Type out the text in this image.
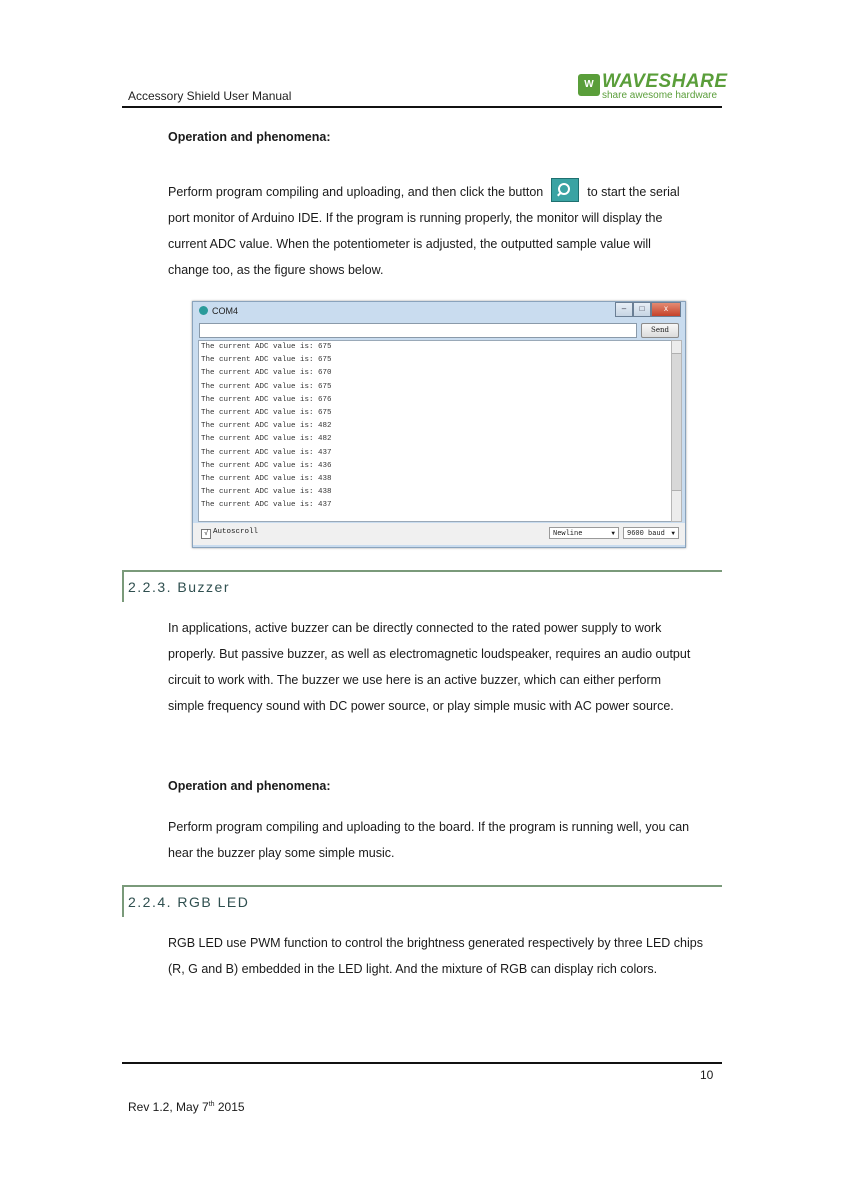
Accessory Shield User Manual
W WAVESHARE
share awesome hardware
Operation and phenomena:
Perform program compiling and uploading, and then click the button	to start the serial
port monitor of Arduino IDE. If the program is running properly, the monitor will display the
current ADC value. When the potentiometer is adjusted, the outputted sample value will
change too, as the figure shows below.
COM4	–	□	x
Send
The current ADC value is: 675
The current ADC value is: 675
The current ADC value is: 670
The current ADC value is: 675
The current ADC value is: 676
The current ADC value is: 675
The current ADC value is: 482
The current ADC value is: 482
The current ADC value is: 437
The current ADC value is: 436
The current ADC value is: 438
The current ADC value is: 438
The current ADC value is: 437
√ Autoscroll	Newline	▼	9600 baud ▼
2.2.3. Buzzer
In applications, active buzzer can be directly connected to the rated power supply to work
properly. But passive buzzer, as well as electromagnetic loudspeaker, requires an audio output
circuit to work with. The buzzer we use here is an active buzzer, which can either perform
simple frequency sound with DC power source, or play simple music with AC power source.
Operation and phenomena:
Perform program compiling and uploading to the board. If the program is running well, you can
hear the buzzer play some simple music.
2.2.4. RGB LED
RGB LED use PWM function to control the brightness generated respectively by three LED chips
(R, G and B) embedded in the LED light. And the mixture of RGB can display rich colors.
10
Rev 1.2, May 7th 2015
